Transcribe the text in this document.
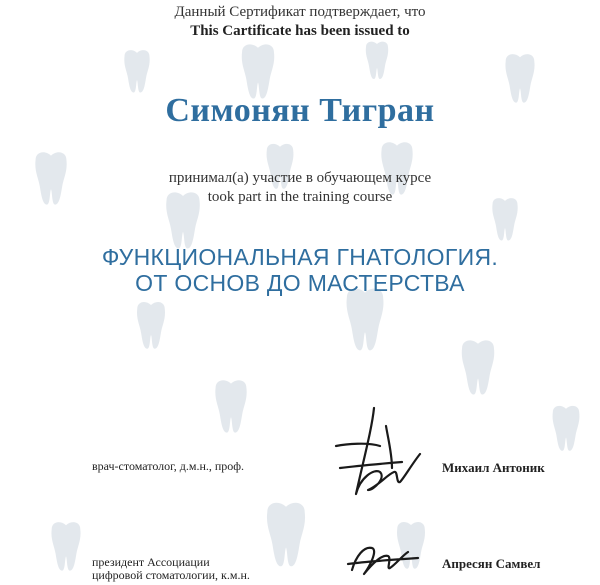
Данный Сертификат подтверждает, что
This Cartificate has been issued to
Симонян Тигран
принимал(а) участие в обучающем курсе
took part in the training course
ФУНКЦИОНАЛЬНАЯ ГНАТОЛОГИЯ.
ОТ ОСНОВ ДО МАСТЕРСТВА
врач-стоматолог, д.м.н., проф.	Михаил Антоник
президент Ассоциации
цифровой стоматологии, к.м.н.
Апресян Самвел
